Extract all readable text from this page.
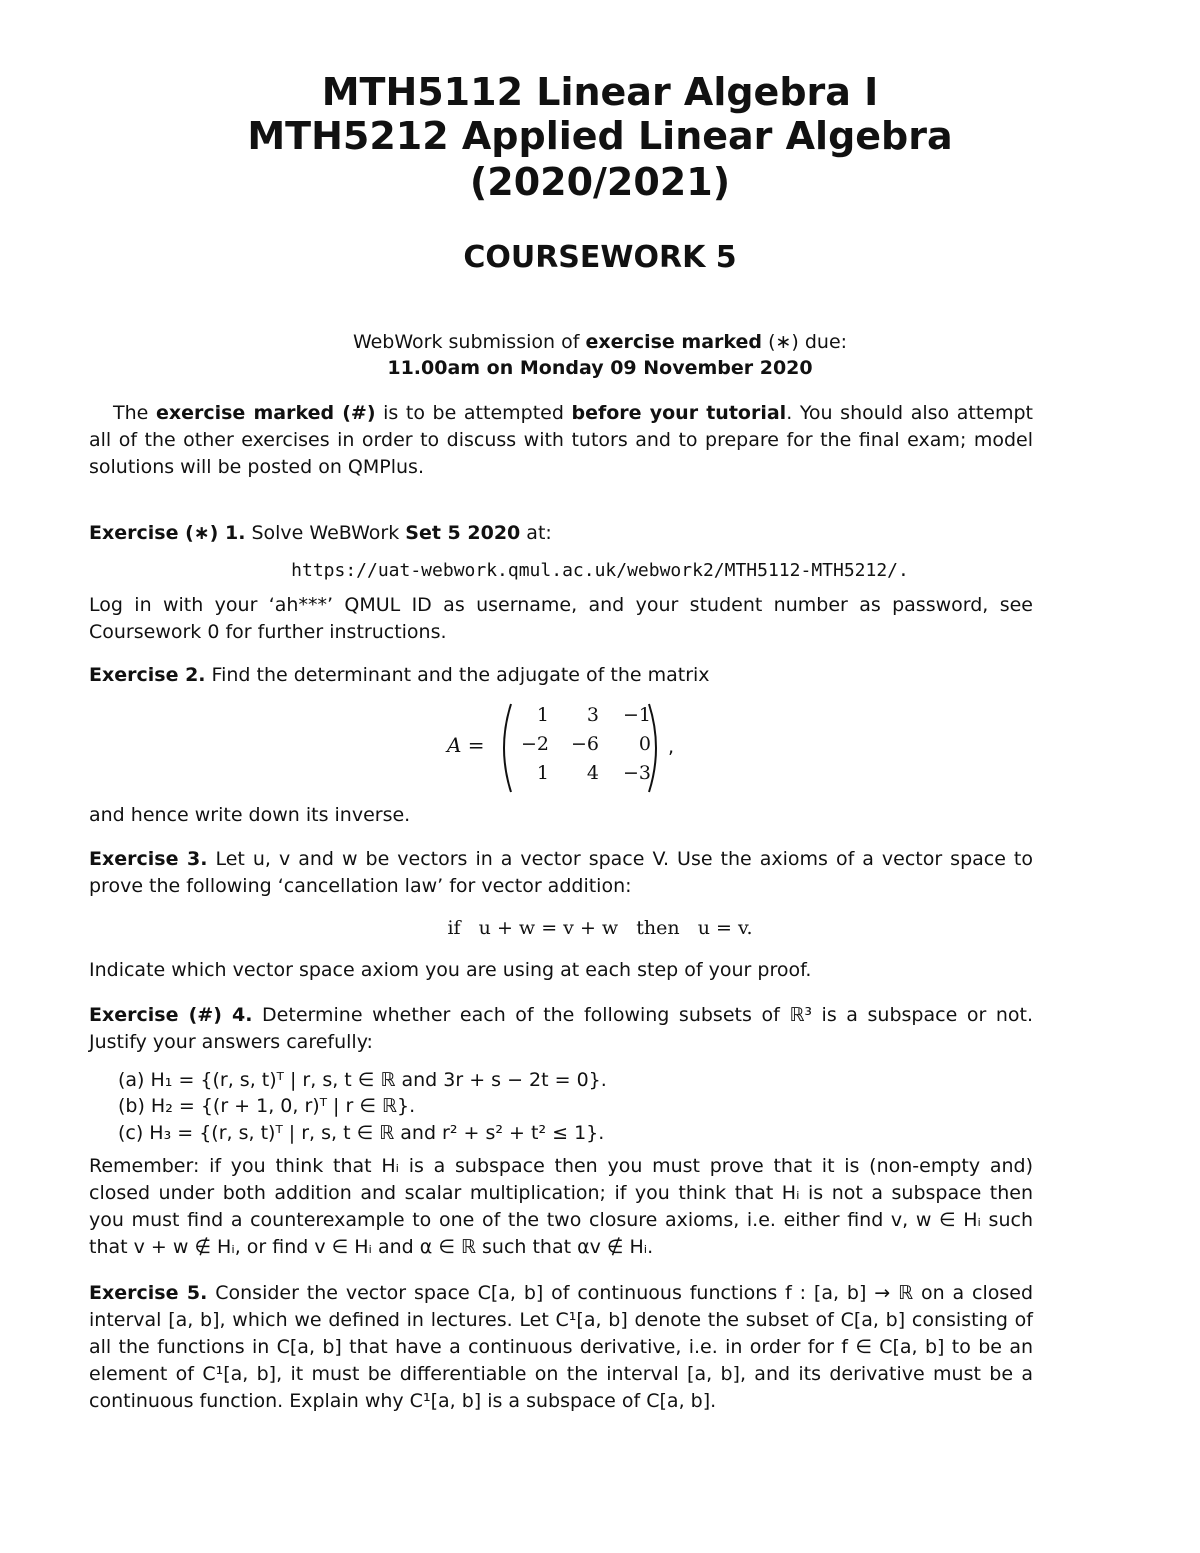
MTH5112 Linear Algebra I
MTH5212 Applied Linear Algebra
(2020/2021)
COURSEWORK 5
WebWork submission of exercise marked (∗) due:
11.00am on Monday 09 November 2020
The exercise marked (#) is to be attempted before your tutorial. You should also attempt all of the other exercises in order to discuss with tutors and to prepare for the final exam; model solutions will be posted on QMPlus.
Exercise (∗) 1. Solve WeBWork Set 5 2020 at:
https://uat-webwork.qmul.ac.uk/webwork2/MTH5112-MTH5212/.
Log in with your ‘ah***’ QMUL ID as username, and your student number as password, see Coursework 0 for further instructions.
Exercise 2. Find the determinant and the adjugate of the matrix
A =
1	3	−1
−2	−6	0
1	4	−3
,
and hence write down its inverse.
Exercise 3. Let u, v and w be vectors in a vector space V. Use the axioms of a vector space to prove the following ‘cancellation law’ for vector addition:
if   u + w = v + w   then   u = v.
Indicate which vector space axiom you are using at each step of your proof.
Exercise (#) 4. Determine whether each of the following subsets of ℝ³ is a subspace or not. Justify your answers carefully:
(a) H₁ = {(r, s, t)ᵀ | r, s, t ∈ ℝ and 3r + s − 2t = 0}.
(b) H₂ = {(r + 1, 0, r)ᵀ | r ∈ ℝ}.
(c) H₃ = {(r, s, t)ᵀ | r, s, t ∈ ℝ and r² + s² + t² ≤ 1}.
Remember: if you think that Hᵢ is a subspace then you must prove that it is (non-empty and) closed under both addition and scalar multiplication; if you think that Hᵢ is not a subspace then you must find a counterexample to one of the two closure axioms, i.e. either find v, w ∈ Hᵢ such that v + w ∉ Hᵢ, or find v ∈ Hᵢ and α ∈ ℝ such that αv ∉ Hᵢ.
Exercise 5. Consider the vector space C[a, b] of continuous functions f : [a, b] → ℝ on a closed interval [a, b], which we defined in lectures. Let C¹[a, b] denote the subset of C[a, b] consisting of all the functions in C[a, b] that have a continuous derivative, i.e. in order for f ∈ C[a, b] to be an element of C¹[a, b], it must be differentiable on the interval [a, b], and its derivative must be a continuous function. Explain why C¹[a, b] is a subspace of C[a, b].
